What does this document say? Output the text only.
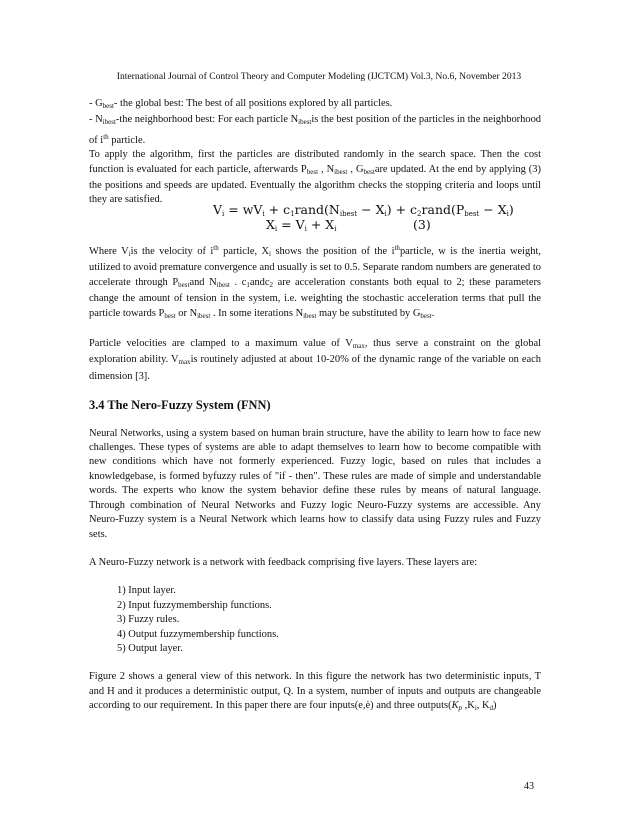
International Journal of Control Theory and Computer Modeling (IJCTCM) Vol.3, No.6, November 2013

- $G_{best}-$ the global best: The best of all positions explored by all particles.

- $N_{ibest}$-the neighborhood best: For each particle $N_{ibest}is$ the best position of the particles in the neighborhood of $i^{th}$ particle.

To apply the algorithm, first the particles are distributed randomly in the search space. Then the cost function is evaluated for each particle, afterwards $P_{best}$ , $N_{ibest}$ , $G_{best}are$ updated. At the end by applying (3) the positions and speeds are updated. Eventually the algorithm checks the stopping criteria and loops until they are satisfied.

$V_i = wV_i$ + $c_1rand(N_{ibest} - X_i)$ + $c_2rand(P_{best} - X_i)$
$X_i = V_i + X_i$	(3)

Where $V_iis$ the velocity of $i^{th}$ particle, $X_i$ shows the position of the $i^{th}particle$, w is the inertia weight, utilized to avoid premature convergence and usually is set to 0.5. Separate random numbers are generated to accelerate through $P_{best}and$ $N_{ibest}$ . $c_1andc_2$ are acceleration constants both equal to 2; these parameters change the amount of tension in the system, i.e. weighting the stochastic acceleration terms that pull the particle towards $P_{best}$ or $N_{ibest}$ . In some iterations $N_{ibest}$ may be substituted by $G_{best}$.

Particle velocities are clamped to a maximum value of $V_{max}$, thus serve a constraint on the global exploration ability. $V_{max}is$ routinely adjusted at about 10-20% of the dynamic range of the variable on each dimension [3].

3.4 The Nero-Fuzzy System (FNN)

Neural Networks, using a system based on human brain structure, have the ability to learn how to face new challenges. These types of systems are able to adapt themselves to learn how to become compatible with new conditions which have not formerly experienced. Fuzzy logic, based on rules that includes a knowledgebase, is formed byfuzzy rules of "if - then". These rules are made of simple and understandable words. The experts who know the system behavior define these rules by means of natural language. Through combination of Neural Networks and Fuzzy logic Neuro-Fuzzy systems are accessible. Any Neuro-Fuzzy system is a Neural Network which learns how to classify data using Fuzzy rules and Fuzzy sets.

A Neuro-Fuzzy network is a network with feedback comprising five layers. These layers are:

1) Input layer.
2) Input fuzzymembership functions.
3) Fuzzy rules.
4) Output fuzzymembership functions.
5) Output layer.

Figure 2 shows a general view of this network. In this figure the network has two deterministic inputs, T and H and it produces a deterministic output, Q. In a system, number of inputs and outputs are changeable according to our requirement. In this paper there are four inputs(e,ė) and three $outputs(K_p$ $,K_i$, $K_d$)

43
